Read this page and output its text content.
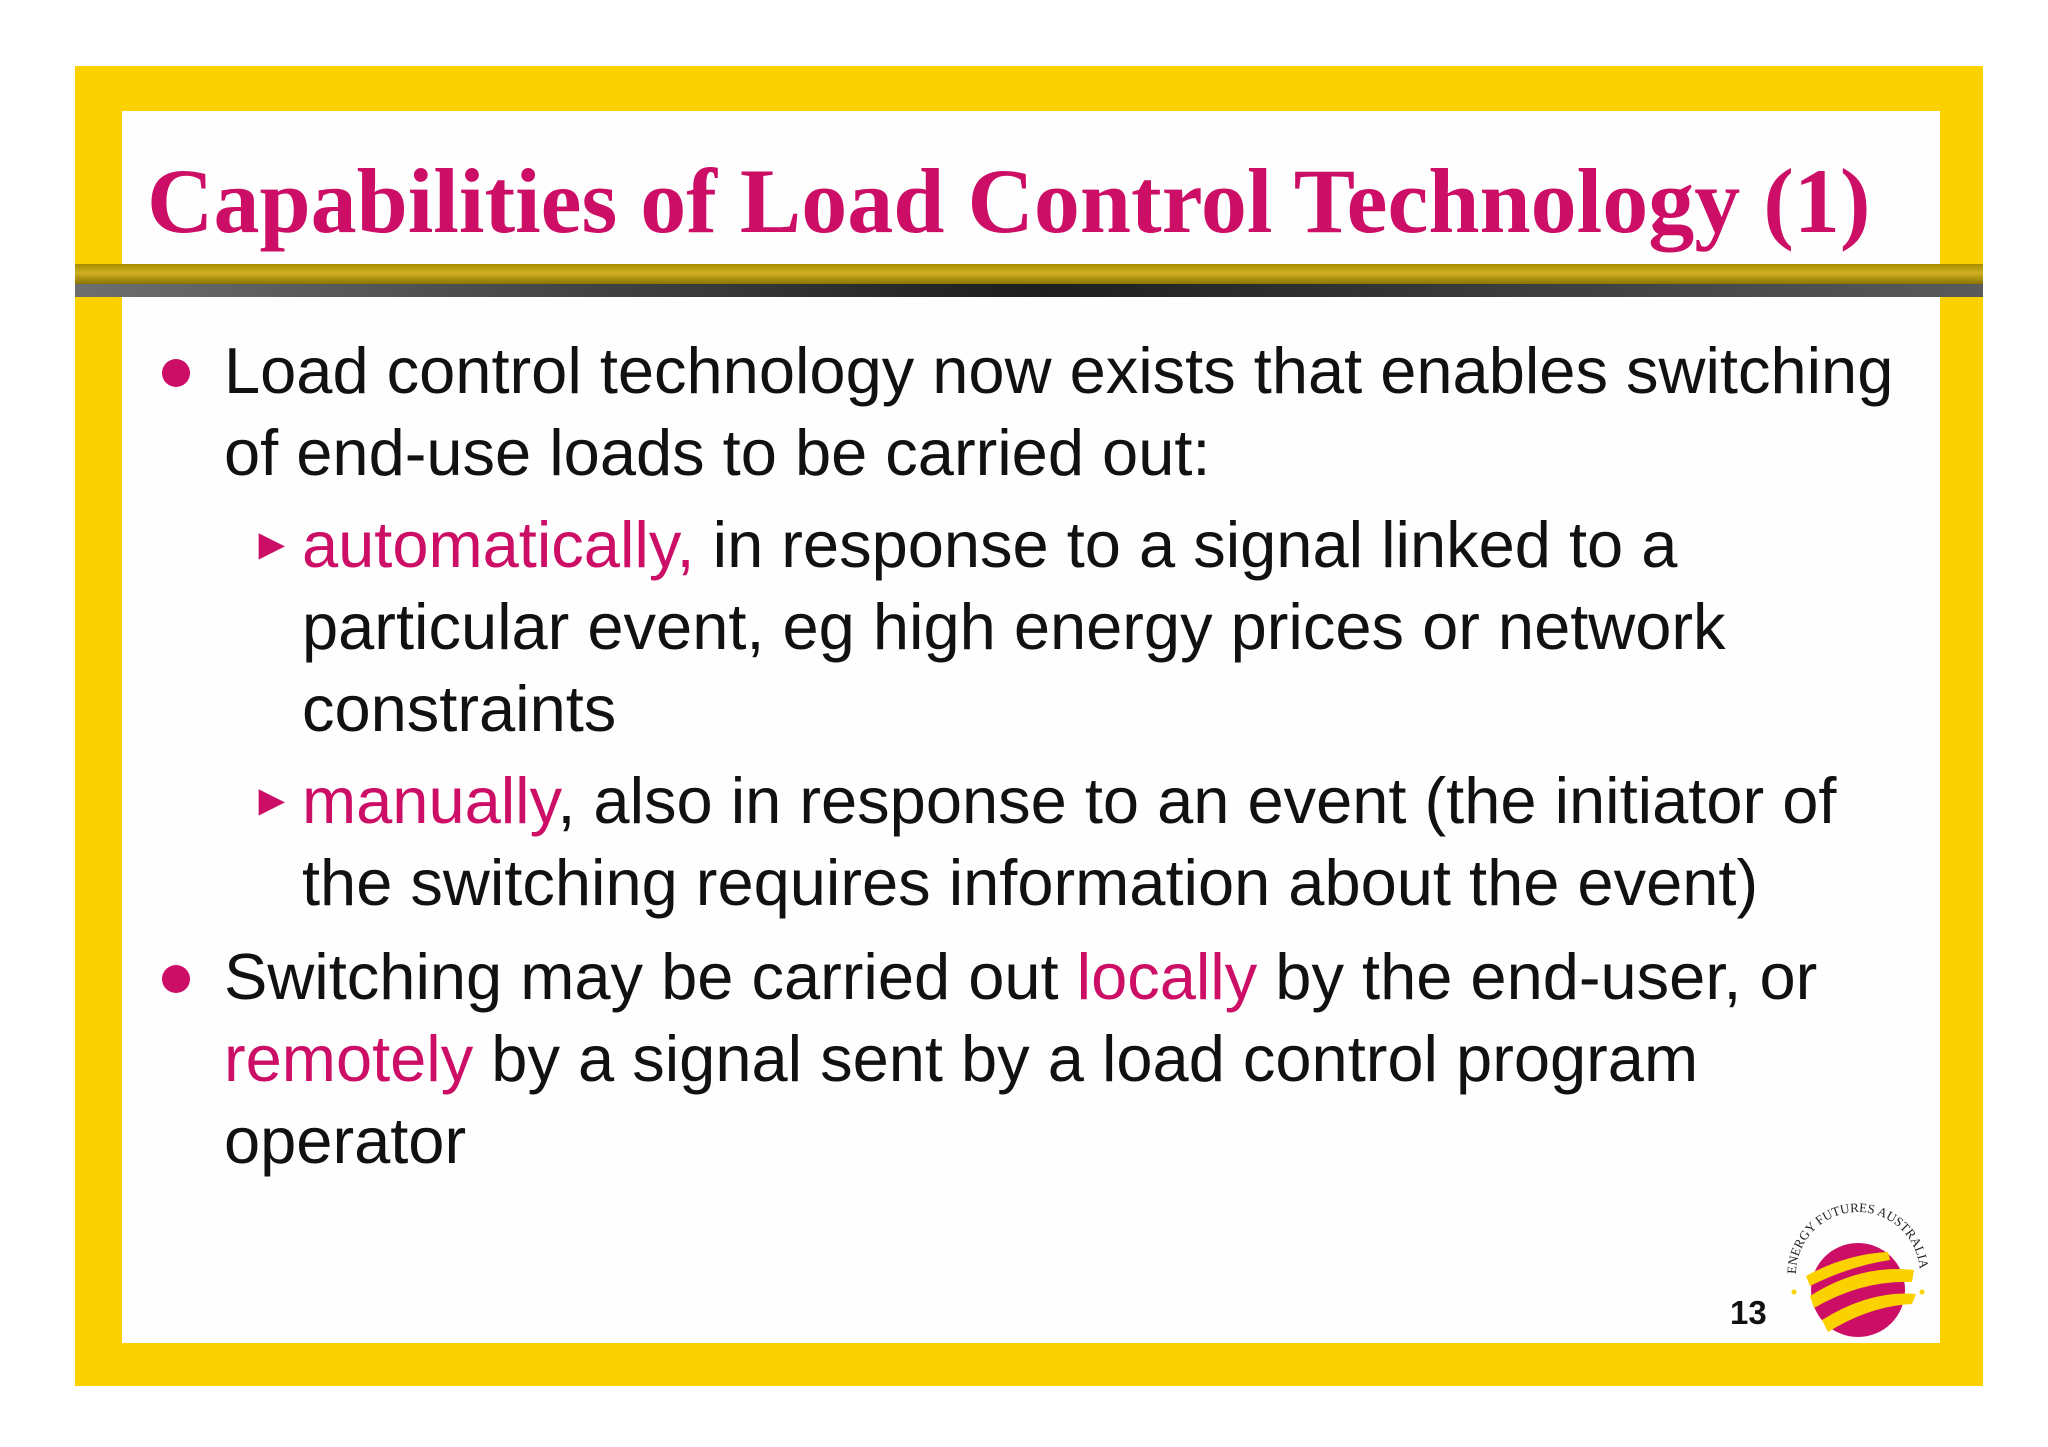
Capabilities of Load Control Technology (1)
Load control technology now exists that enables switching of end-use loads to be carried out:
► automatically, in response to a signal linked to a particular event, eg high energy prices or network constraints
► manually, also in response to an event (the initiator of the switching requires information about the event)
Switching may be carried out locally by the end-user, or remotely by a signal sent by a load control program operator
13
ENERGY FUTURES AUSTRALIA
